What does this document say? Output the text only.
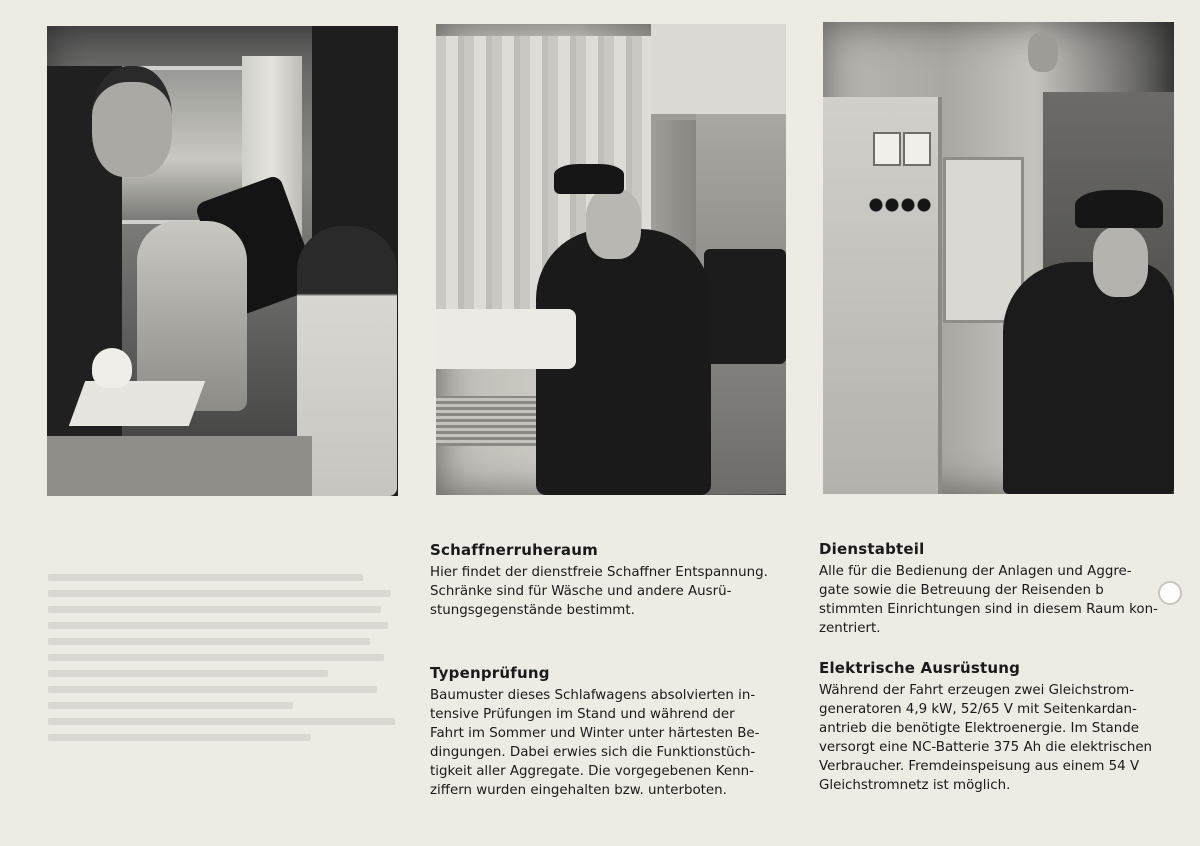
Schaffnerruheraum

Hier findet der dienstfreie Schaffner Entspannung.
Schränke sind für Wäsche und andere Ausrü-
stungsgegenstände bestimmt.

Typenprüfung

Baumuster dieses Schlafwagens absolvierten in-
tensive Prüfungen im Stand und während der
Fahrt im Sommer und Winter unter härtesten Be-
dingungen. Dabei erwies sich die Funktionstüch-
tigkeit aller Aggregate. Die vorgegebenen Kenn-
ziffern wurden eingehalten bzw. unterboten.

Dienstabteil

Alle für die Bedienung der Anlagen und Aggre-
gate sowie die Betreuung der Reisenden b
stimmten Einrichtungen sind in diesem Raum kon-
zentriert.

Elektrische Ausrüstung

Während der Fahrt erzeugen zwei Gleichstrom-
generatoren 4,9 kW, 52/65 V mit Seitenkardan-
antrieb die benötigte Elektroenergie. Im Stande
versorgt eine NC-Batterie 375 Ah die elektrischen
Verbraucher. Fremdeinspeisung aus einem 54 V
Gleichstromnetz ist möglich.
